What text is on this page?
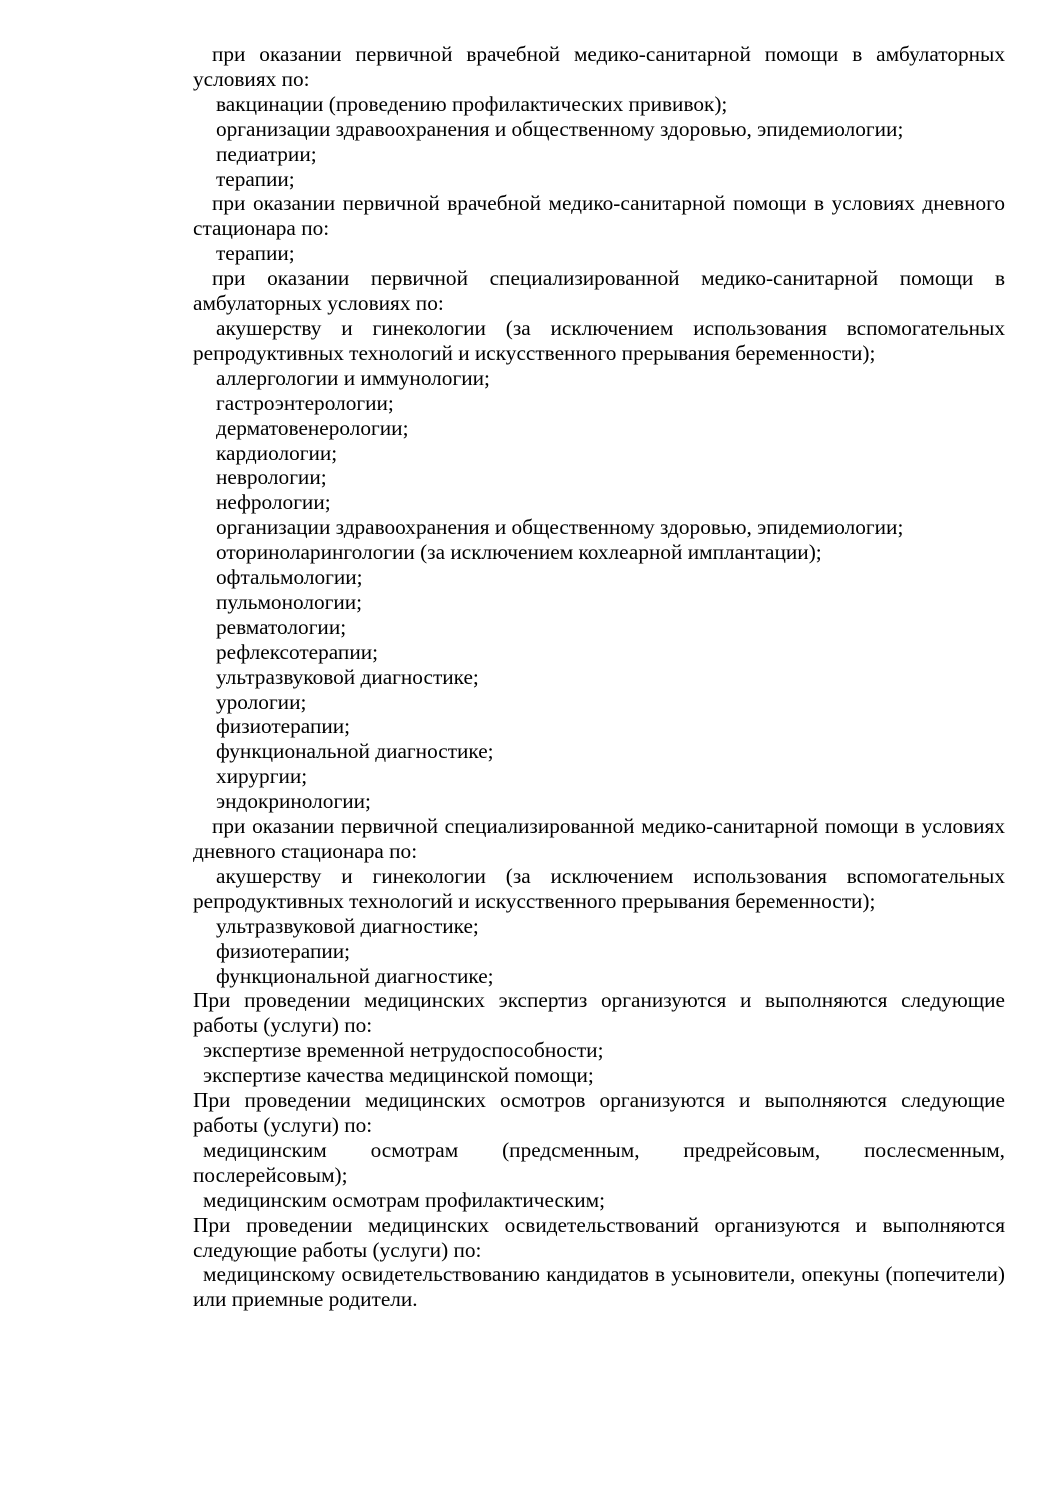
при оказании первичной врачебной медико-санитарной помощи в амбулаторных условиях по:

вакцинации (проведению профилактических прививок);

организации здравоохранения и общественному здоровью, эпидемиологии;

педиатрии;

терапии;

при оказании первичной врачебной медико-санитарной помощи в условиях дневного стационара по:

терапии;

при оказании первичной специализированной медико-санитарной помощи в амбулаторных условиях по:

акушерству и гинекологии (за исключением использования вспомогательных репродуктивных технологий и искусственного прерывания беременности);

аллергологии и иммунологии;

гастроэнтерологии;

дерматовенерологии;

кардиологии;

неврологии;

нефрологии;

организации здравоохранения и общественному здоровью, эпидемиологии;

оториноларингологии (за исключением кохлеарной имплантации);

офтальмологии;

пульмонологии;

ревматологии;

рефлексотерапии;

ультразвуковой диагностике;

урологии;

физиотерапии;

функциональной диагностике;

хирургии;

эндокринологии;

при оказании первичной специализированной медико-санитарной помощи в условиях дневного стационара по:

акушерству и гинекологии (за исключением использования вспомогательных репродуктивных технологий и искусственного прерывания беременности);

ультразвуковой диагностике;

физиотерапии;

функциональной диагностике;

При проведении медицинских экспертиз организуются и выполняются следующие работы (услуги) по:

экспертизе временной нетрудоспособности;

экспертизе качества медицинской помощи;

При проведении медицинских осмотров организуются и выполняются следующие работы (услуги) по:

медицинским осмотрам (предсменным, предрейсовым, послесменным, послерейсовым);

медицинским осмотрам профилактическим;

При проведении медицинских освидетельствований организуются и выполняются следующие работы (услуги) по:

медицинскому освидетельствованию кандидатов в усыновители, опекуны (попечители) или приемные родители.
